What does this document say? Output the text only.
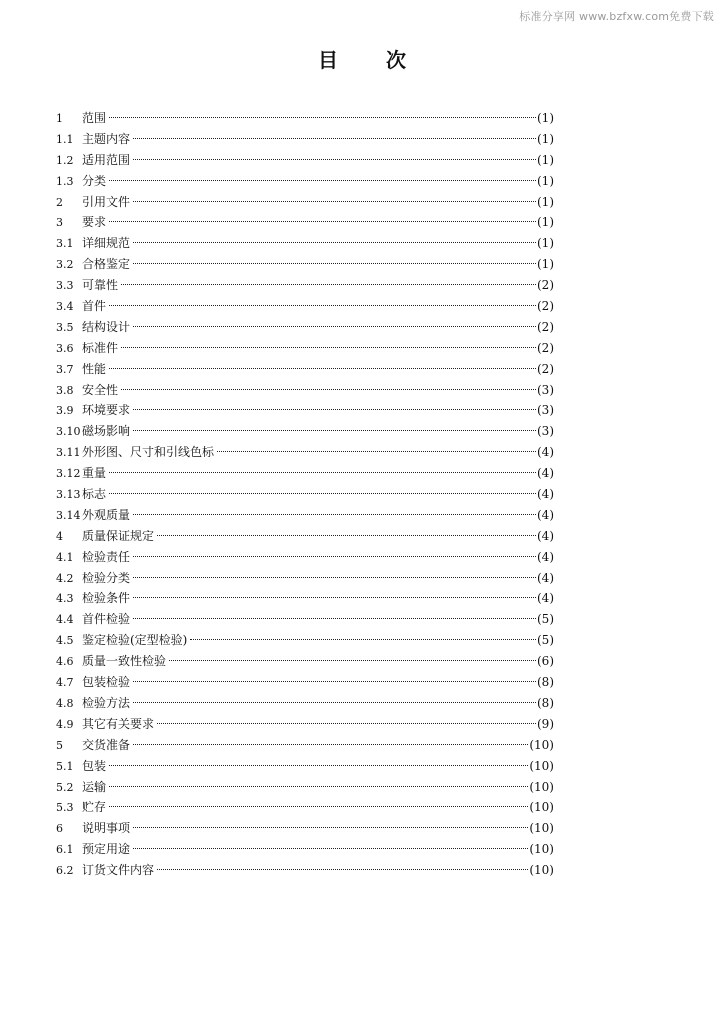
标准分享网 www.bzfxw.com免费下载
目 次
1	范围	(1)
1.1 主题内容	(1)
1.2 适用范围	(1)
1.3 分类	(1)
2	引用文件	(1)
3	要求	(1)
3.1 详细规范	(1)
3.2 合格鉴定	(1)
3.3 可靠性	(2)
3.4 首件	(2)
3.5 结构设计	(2)
3.6 标准件	(2)
3.7 性能	(2)
3.8 安全性	(3)
3.9 环境要求	(3)
3.10 磁场影响	(3)
3.11 外形图、尺寸和引线色标	(4)
3.12 重量	(4)
3.13 标志	(4)
3.14 外观质量	(4)
4	质量保证规定	(4)
4.1 检验责任	(4)
4.2 检验分类	(4)
4.3 检验条件	(4)
4.4 首件检验	(5)
4.5 鉴定检验(定型检验)	(5)
4.6 质量一致性检验	(6)
4.7 包装检验	(8)
4.8 检验方法	(8)
4.9 其它有关要求	(9)
5	交货准备	(10)
5.1 包装	(10)
5.2 运输	(10)
5.3 贮存	(10)
6	说明事项	(10)
6.1 预定用途	(10)
6.2 订货文件内容	(10)
